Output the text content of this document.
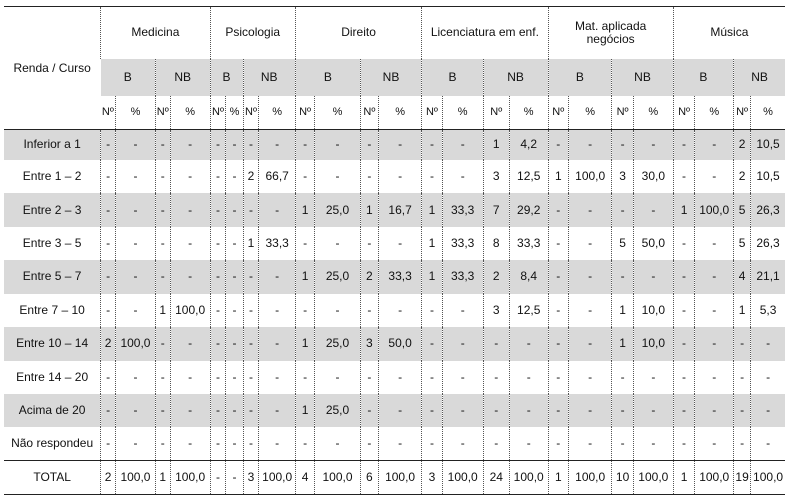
Renda / Curso	Medicina				Psicologia				Direito				Licenciatura em enf.				Mat. aplicada negócios				Música			
	B		NB		B		NB		B		NB		B		NB		B		NB		B		NB	
	Nº	%	Nº	%	Nº	%	Nº	%	Nº	%	Nº	%	Nº	%	Nº	%	Nº	%	Nº	%	Nº	%	Nº	%
Inferior a 1	-	-	-	-	-	-	-	-	-	-	-	-	-	-	1	4,2	-	-	-	-	-	-	2	10,5
Entre 1 – 2	-	-	-	-	-	-	2	66,7	-	-	-	-	-	-	3	12,5	1	100,0	3	30,0	-	-	2	10,5
Entre 2 – 3	-	-	-	-	-	-	-	-	1	25,0	1	16,7	1	33,3	7	29,2	-	-	-	-	1	100,0	5	26,3
Entre 3 – 5	-	-	-	-	-	-	1	33,3	-	-	-	-	1	33,3	8	33,3	-	-	5	50,0	-	-	5	26,3
Entre 5 – 7	-	-	-	-	-	-	-	-	1	25,0	2	33,3	1	33,3	2	8,4	-	-	-	-	-	-	4	21,1
Entre 7 – 10	-	-	1	100,0	-	-	-	-	-	-	-	-	-	-	3	12,5	-	-	1	10,0	-	-	1	5,3
Entre 10 – 14	2	100,0	-	-	-	-	-	-	1	25,0	3	50,0	-	-	-	-	-	-	1	10,0	-	-	-	-
Entre 14 – 20	-	-	-	-	-	-	-	-	-	-	-	-	-	-	-	-	-	-	-	-	-	-	-	-
Acima de 20	-	-	-	-	-	-	-	-	1	25,0	-	-	-	-	-	-	-	-	-	-	-	-	-	-
Não respondeu	-	-	-	-	-	-	-	-	-	-	-	-	-	-	-	-	-	-	-	-	-	-	-	-
TOTAL	2	100,0	1	100,0	-	-	3	100,0	4	100,0	6	100,0	3	100,0	24	100,0	1	100,0	10	100,0	1	100,0	19	100,0
